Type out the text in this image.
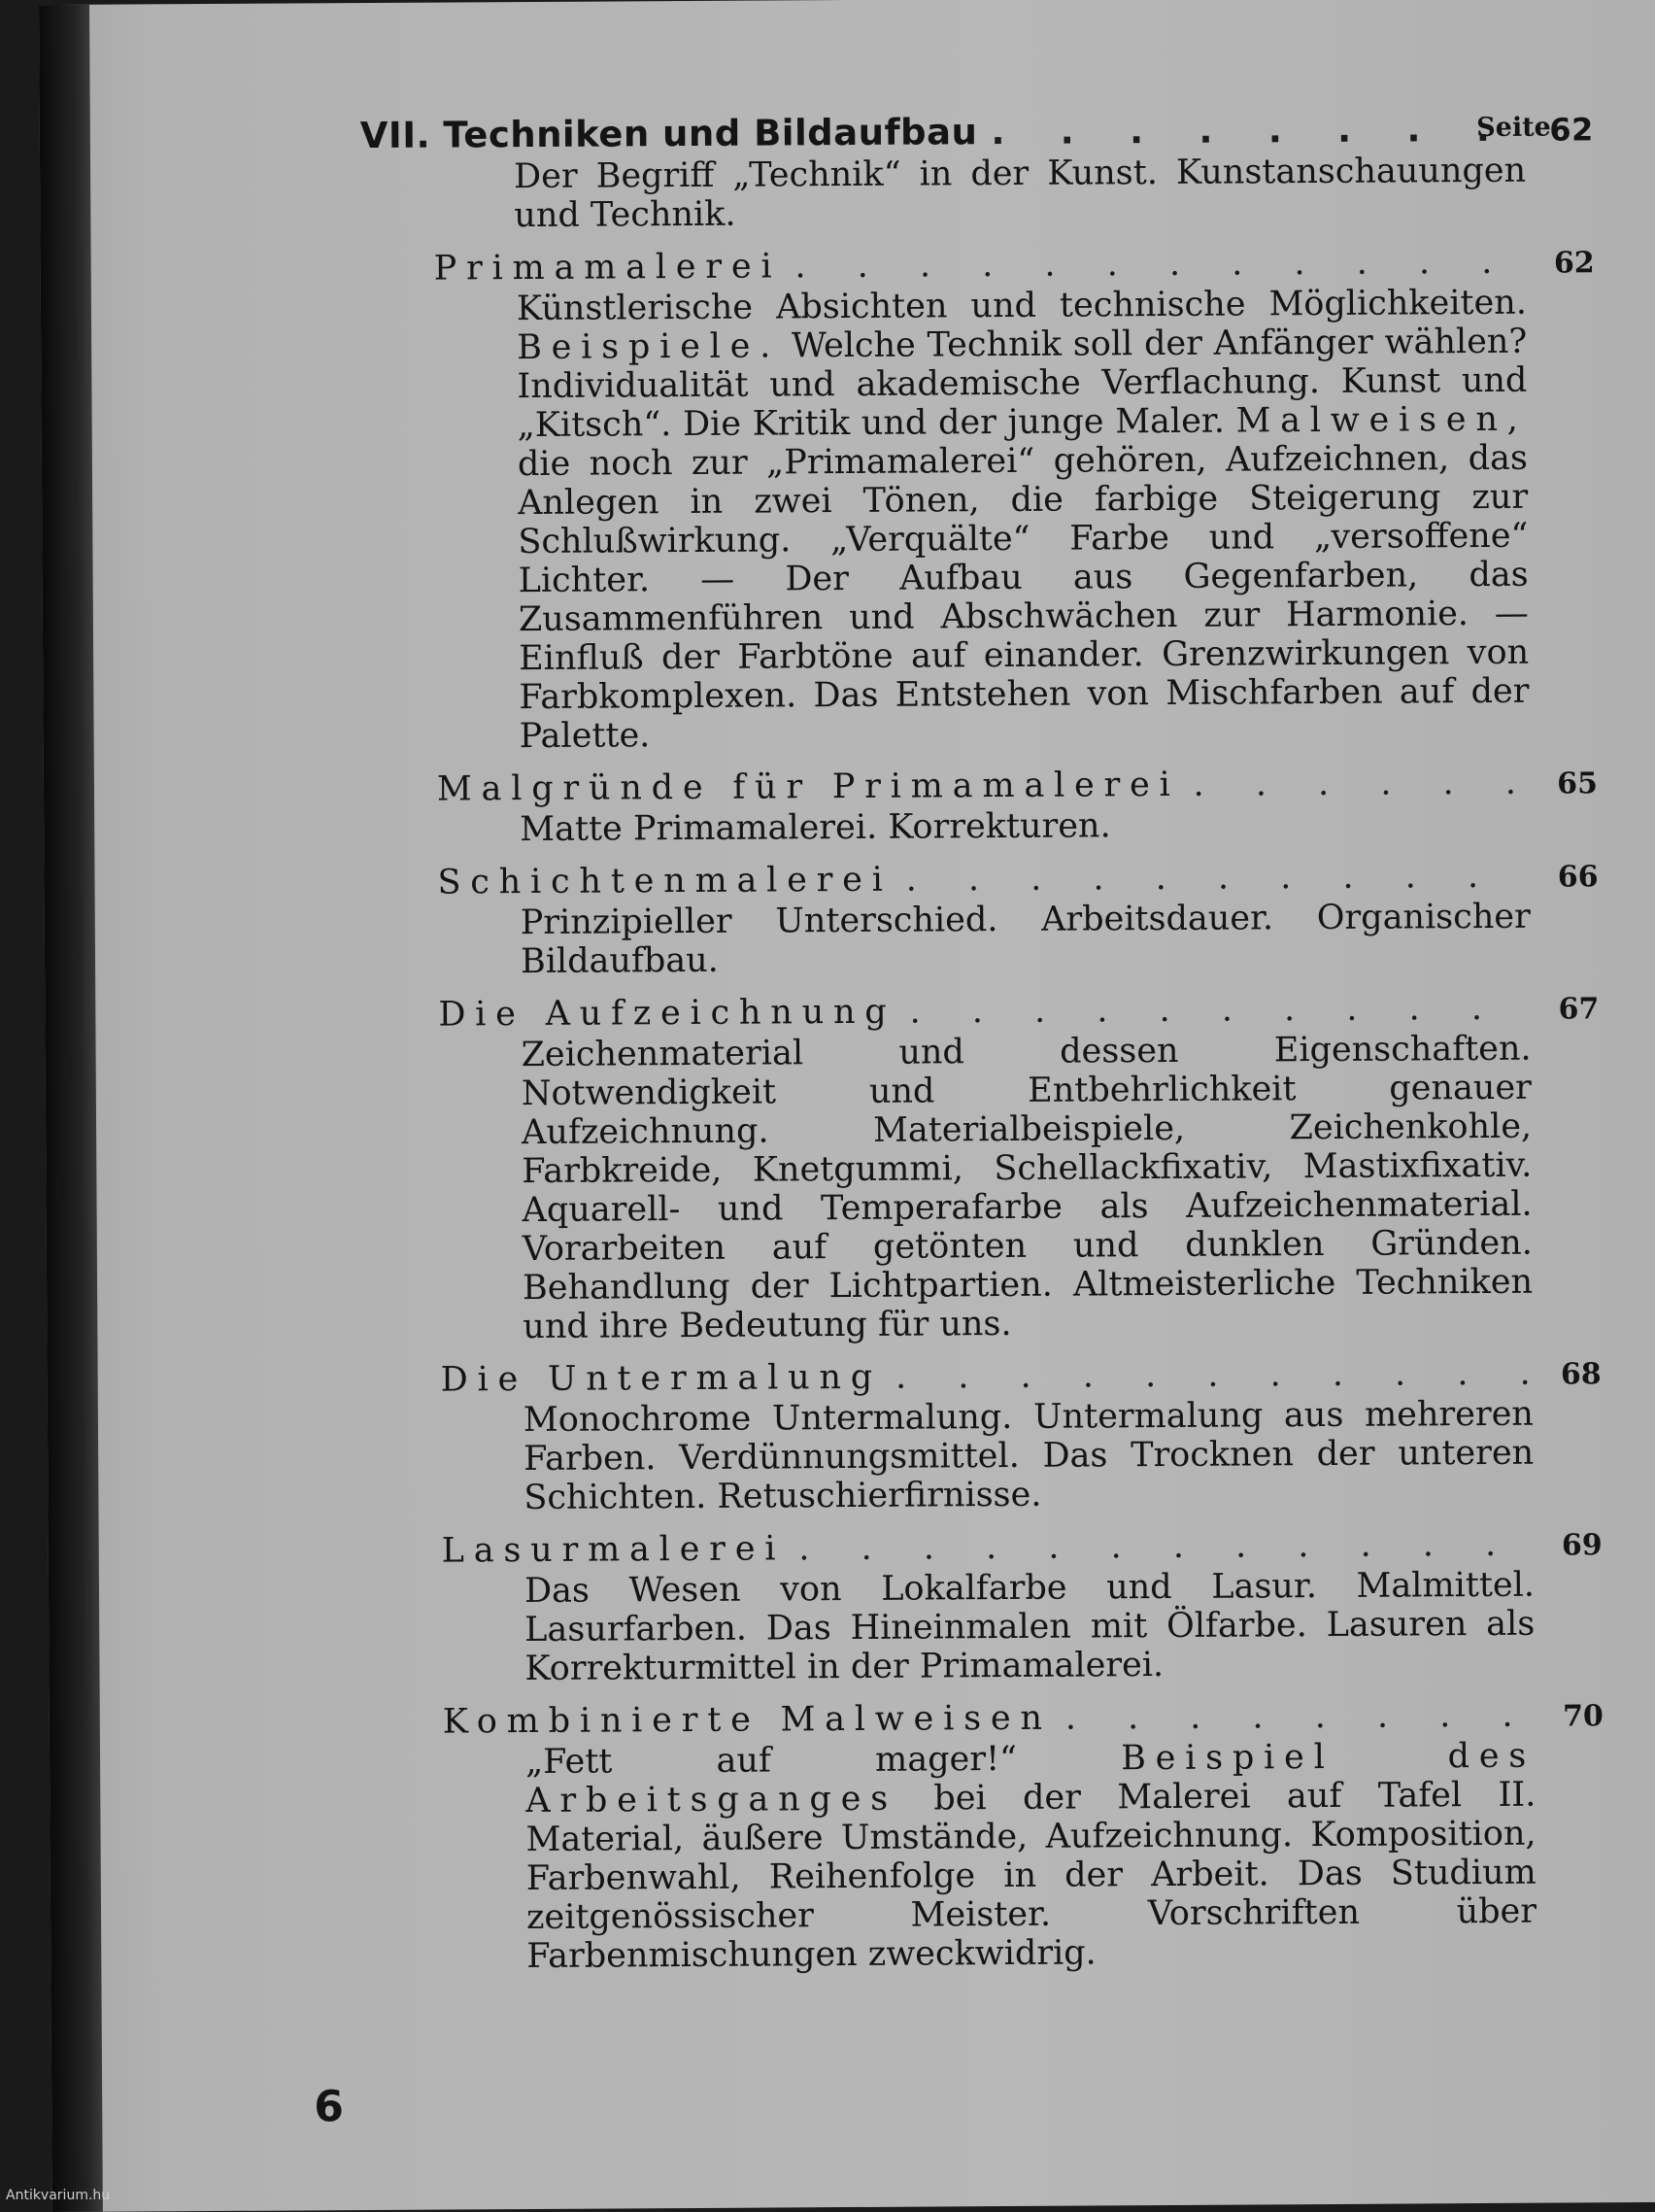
Seite
VII. Techniken und Bildaufbau . . .	62
Der Begriff „Technik“ in der Kunst. Kunstanschauungen und Technik.
Primamalerei . . .	62
Künstlerische Absichten und technische Möglichkeiten. Beispiele. Welche Technik soll der Anfänger wählen? Individualität und akademische Verflachung. Kunst und „Kitsch“. Die Kritik und der junge Maler. Malweisen, die noch zur „Primamalerei“ gehören, Aufzeichnen, das Anlegen in zwei Tönen, die farbige Steigerung zur Schlußwirkung. „Verquälte“ Farbe und „versoffene“ Lichter. — Der Aufbau aus Gegenfarben, das Zusammenführen und Abschwächen zur Harmonie. — Einfluß der Farbtöne auf einander. Grenzwirkungen von Farbkomplexen. Das Entstehen von Mischfarben auf der Palette.
Malgründe für Primamalerei . . .	65
Matte Primamalerei. Korrekturen.
Schichtenmalerei . . .	66
Prinzipieller Unterschied. Arbeitsdauer. Organischer Bildaufbau.
Die Aufzeichnung . . .	67
Zeichenmaterial und dessen Eigenschaften. Notwendigkeit und Entbehrlichkeit genauer Aufzeichnung. Materialbeispiele, Zeichenkohle, Farbkreide, Knetgummi, Schellackfixativ, Mastixfixativ. Aquarell- und Temperafarbe als Aufzeichenmaterial. Vorarbeiten auf getönten und dunklen Gründen. Behandlung der Lichtpartien. Altmeisterliche Techniken und ihre Bedeutung für uns.
Die Untermalung . . .	68
Monochrome Untermalung. Untermalung aus mehreren Farben. Verdünnungsmittel. Das Trocknen der unteren Schichten. Retuschierfirnisse.
Lasurmalerei . . .	69
Das Wesen von Lokalfarbe und Lasur. Malmittel. Lasurfarben. Das Hineinmalen mit Ölfarbe. Lasuren als Korrekturmittel in der Primamalerei.
Kombinierte Malweisen . . .	70
„Fett auf mager!“ Beispiel des Arbeitsganges bei der Malerei auf Tafel II. Material, äußere Umstände, Aufzeichnung. Komposition, Farbenwahl, Reihenfolge in der Arbeit. Das Studium zeitgenössischer Meister. Vorschriften über Farbenmischungen zweckwidrig.
6
Antikvarium.hu
